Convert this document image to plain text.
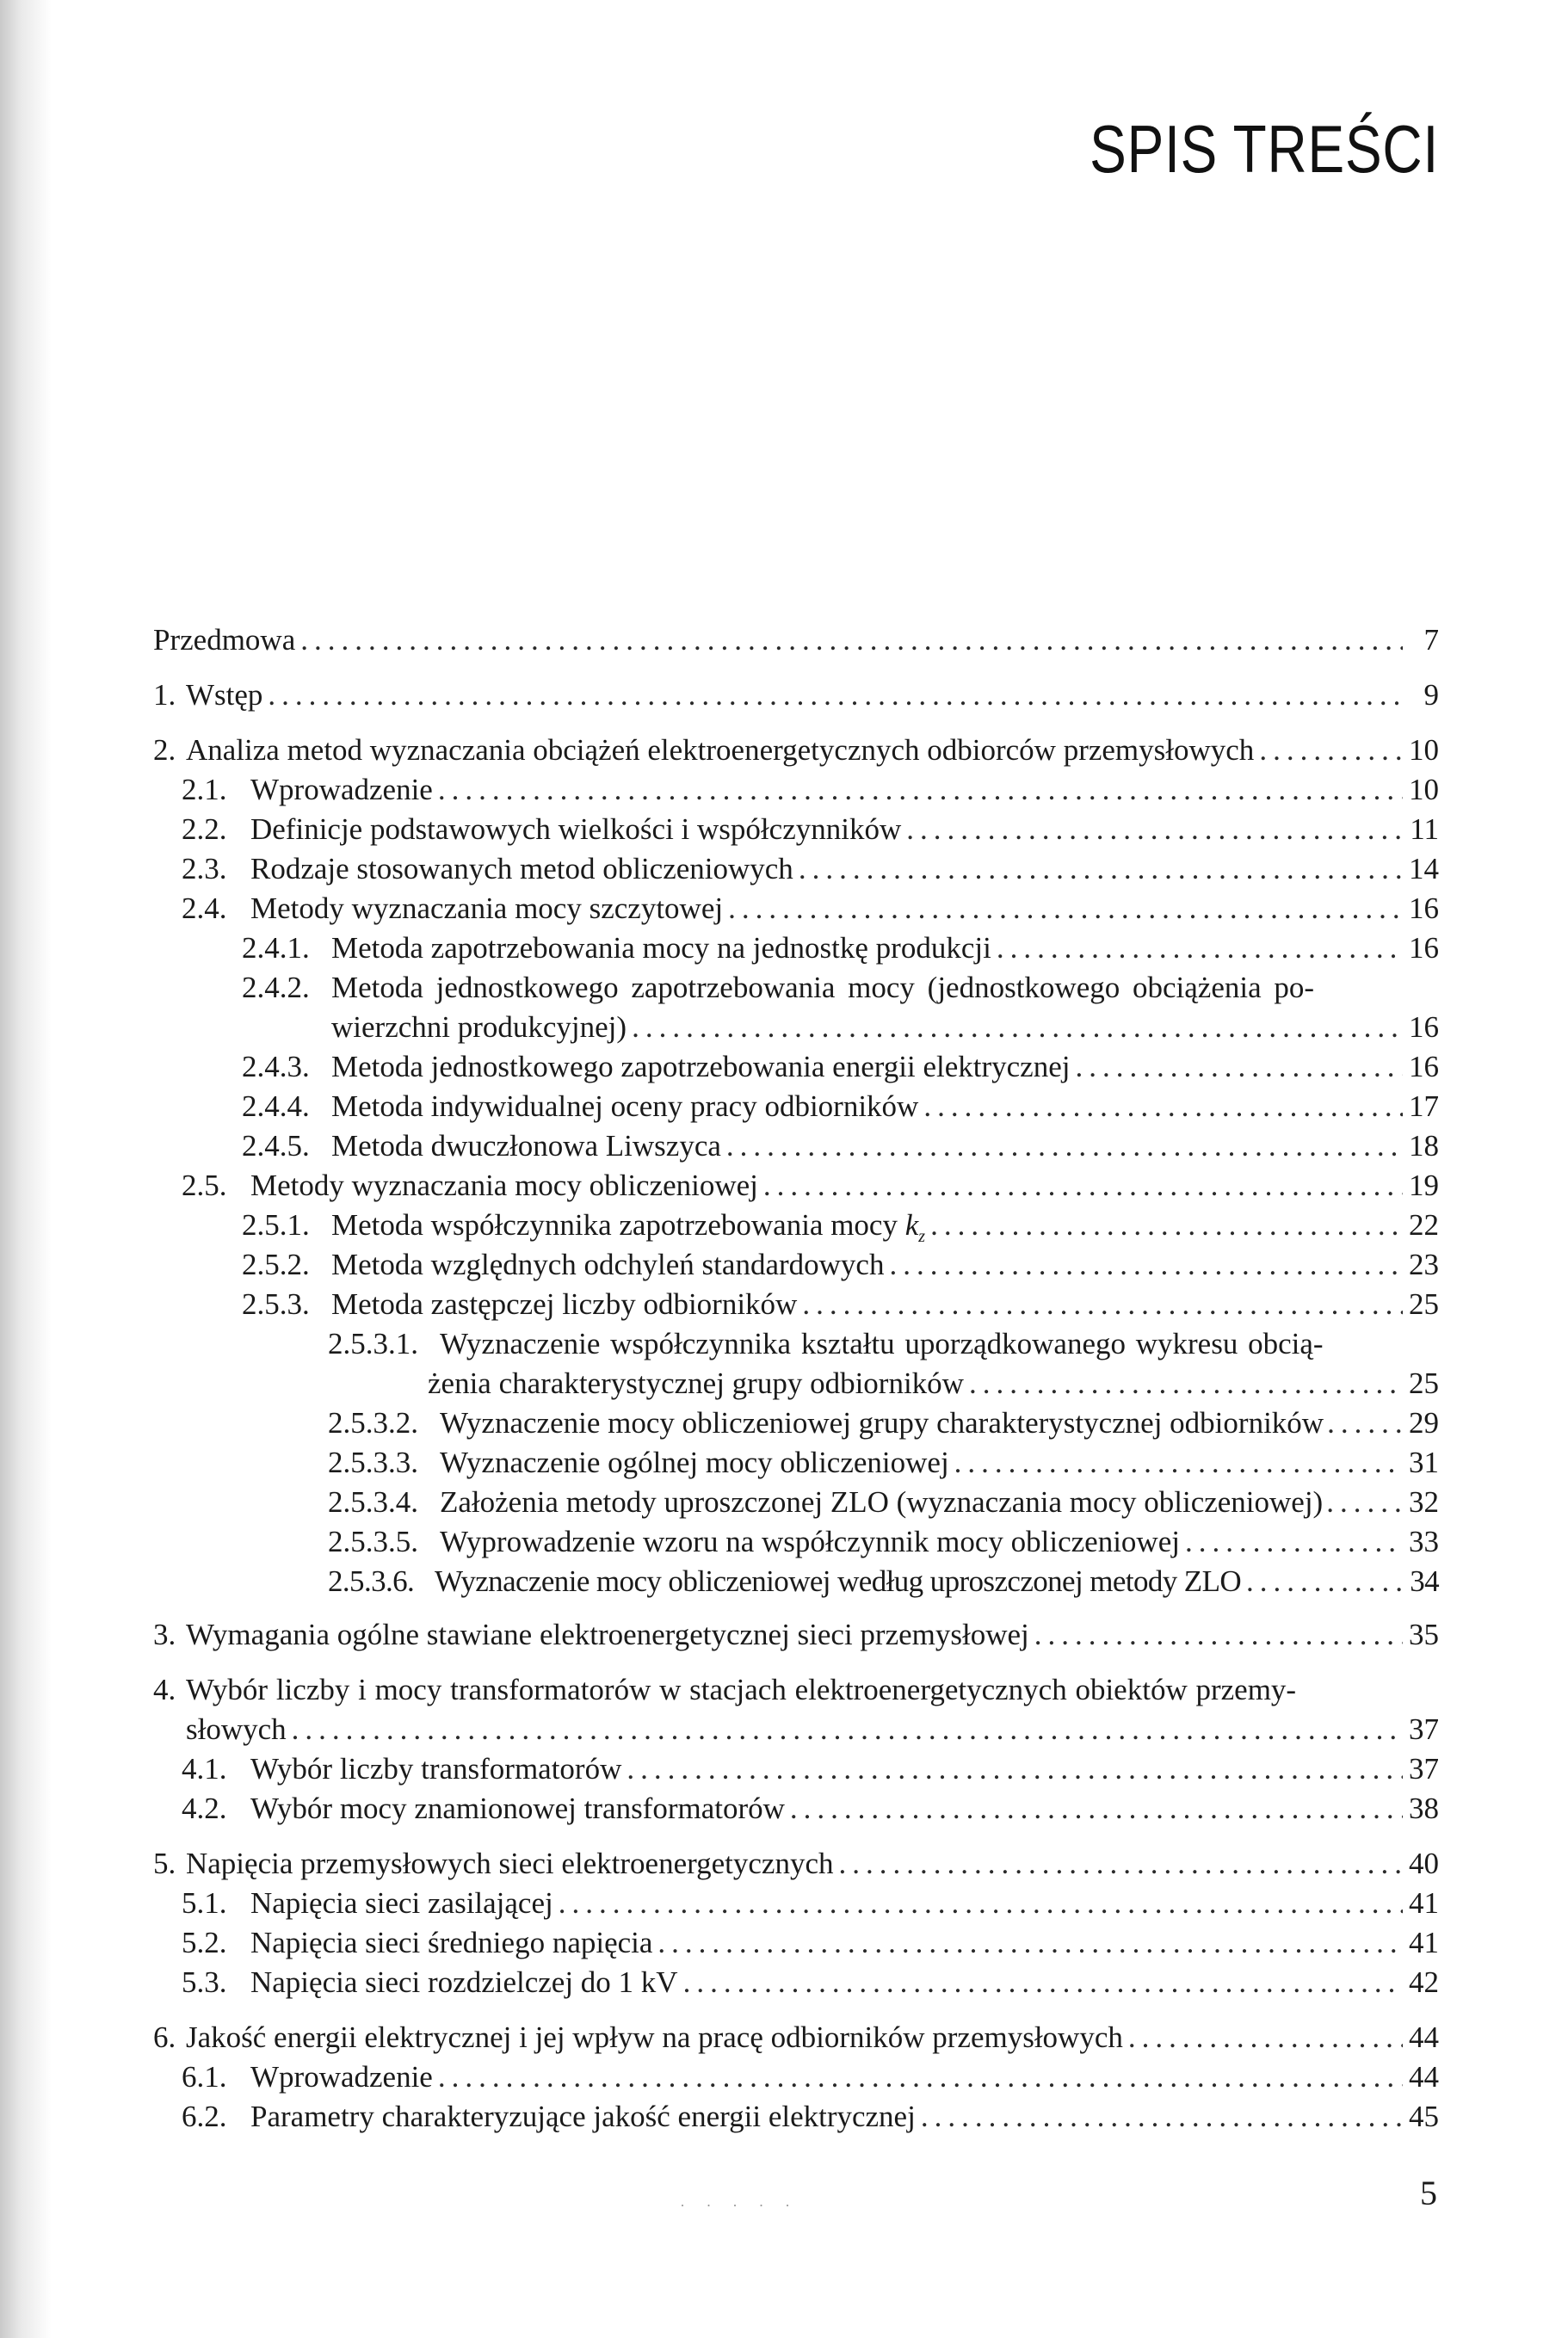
SPIS TREŚCI
Przedmowa .....	7
1. Wstęp .....	9
2. Analiza metod wyznaczania obciążeń elektroenergetycznych odbiorców przemysłowych .....	10
2.1. Wprowadzenie .....	10
2.2. Definicje podstawowych wielkości i współczynników .....	11
2.3. Rodzaje stosowanych metod obliczeniowych .....	14
2.4. Metody wyznaczania mocy szczytowej .....	16
2.4.1. Metoda zapotrzebowania mocy na jednostkę produkcji .....	16
2.4.2. Metoda jednostkowego zapotrzebowania mocy (jednostkowego obciążenia po-
wierzchni produkcyjnej) .....	16
2.4.3. Metoda jednostkowego zapotrzebowania energii elektrycznej .....	16
2.4.4. Metoda indywidualnej oceny pracy odbiorników .....	17
2.4.5. Metoda dwuczłonowa Liwszyca .....	18
2.5. Metody wyznaczania mocy obliczeniowej .....	19
2.5.1. Metoda współczynnika zapotrzebowania mocy $k_z$ .....	22
2.5.2. Metoda względnych odchyleń standardowych .....	23
2.5.3. Metoda zastępczej liczby odbiorników .....	25
2.5.3.1. Wyznaczenie współczynnika kształtu uporządkowanego wykresu obcią-
żenia charakterystycznej grupy odbiorników .....	25
2.5.3.2. Wyznaczenie mocy obliczeniowej grupy charakterystycznej odbiorników .....	29
2.5.3.3. Wyznaczenie ogólnej mocy obliczeniowej .....	31
2.5.3.4. Założenia metody uproszczonej ZLO (wyznaczania mocy obliczeniowej) .....	32
2.5.3.5. Wyprowadzenie wzoru na współczynnik mocy obliczeniowej .....	33
2.5.3.6. Wyznaczenie mocy obliczeniowej według uproszczonej metody ZLO .....	34
3. Wymagania ogólne stawiane elektroenergetycznej sieci przemysłowej .....	35
4. Wybór liczby i mocy transformatorów w stacjach elektroenergetycznych obiektów przemy-
słowych .....	37
4.1. Wybór liczby transformatorów .....	37
4.2. Wybór mocy znamionowej transformatorów .....	38
5. Napięcia przemysłowych sieci elektroenergetycznych .....	40
5.1. Napięcia sieci zasilającej .....	41
5.2. Napięcia sieci średniego napięcia .....	41
5.3. Napięcia sieci rozdzielczej do 1 kV .....	42
6. Jakość energii elektrycznej i jej wpływ na pracę odbiorników przemysłowych .....	44
6.1. Wprowadzenie .....	44
6.2. Parametry charakteryzujące jakość energii elektrycznej .....	45
· · · · ·	5
